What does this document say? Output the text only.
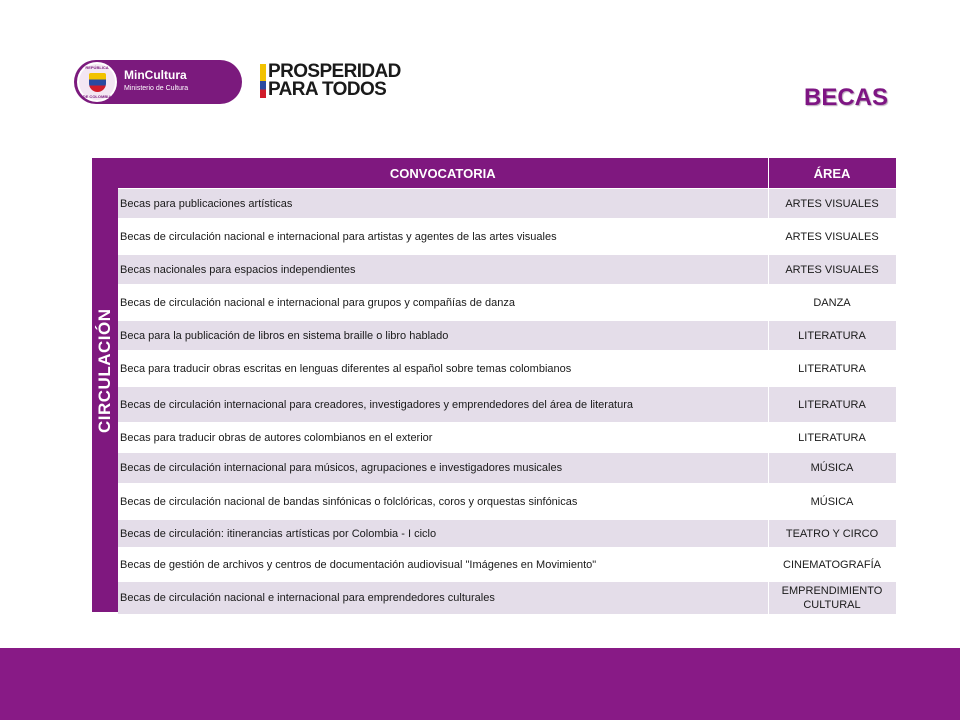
REPÚBLICA
DE COLOMBIA
MinCultura
Ministerio de Cultura
PROSPERIDAD
PARA TODOS	BECAS
CIRCULACIÓN
CONVOCATORIA	ÁREA
Becas para publicaciones artísticas	ARTES VISUALES
Becas de circulación nacional e internacional para artistas y agentes de las artes visuales	ARTES VISUALES
Becas nacionales para espacios independientes	ARTES VISUALES
Becas de circulación nacional e internacional para grupos y compañías de danza	DANZA
Beca para la publicación de libros en sistema braille o libro hablado	LITERATURA
Beca para traducir obras escritas en lenguas diferentes al español sobre temas colombianos	LITERATURA
Becas de circulación internacional para creadores, investigadores y emprendedores del área de literatura	LITERATURA
Becas para traducir obras de autores colombianos en el exterior	LITERATURA
Becas de circulación internacional para músicos, agrupaciones e investigadores musicales	MÚSICA
Becas de circulación nacional de bandas sinfónicas o folclóricas, coros y orquestas sinfónicas	MÚSICA
Becas de circulación: itinerancias artísticas por Colombia - I ciclo	TEATRO Y CIRCO
Becas de gestión de archivos y centros de documentación audiovisual "Imágenes en Movimiento"	CINEMATOGRAFÍA
Becas de circulación nacional e internacional para emprendedores culturales	EMPRENDIMIENTO CULTURAL
